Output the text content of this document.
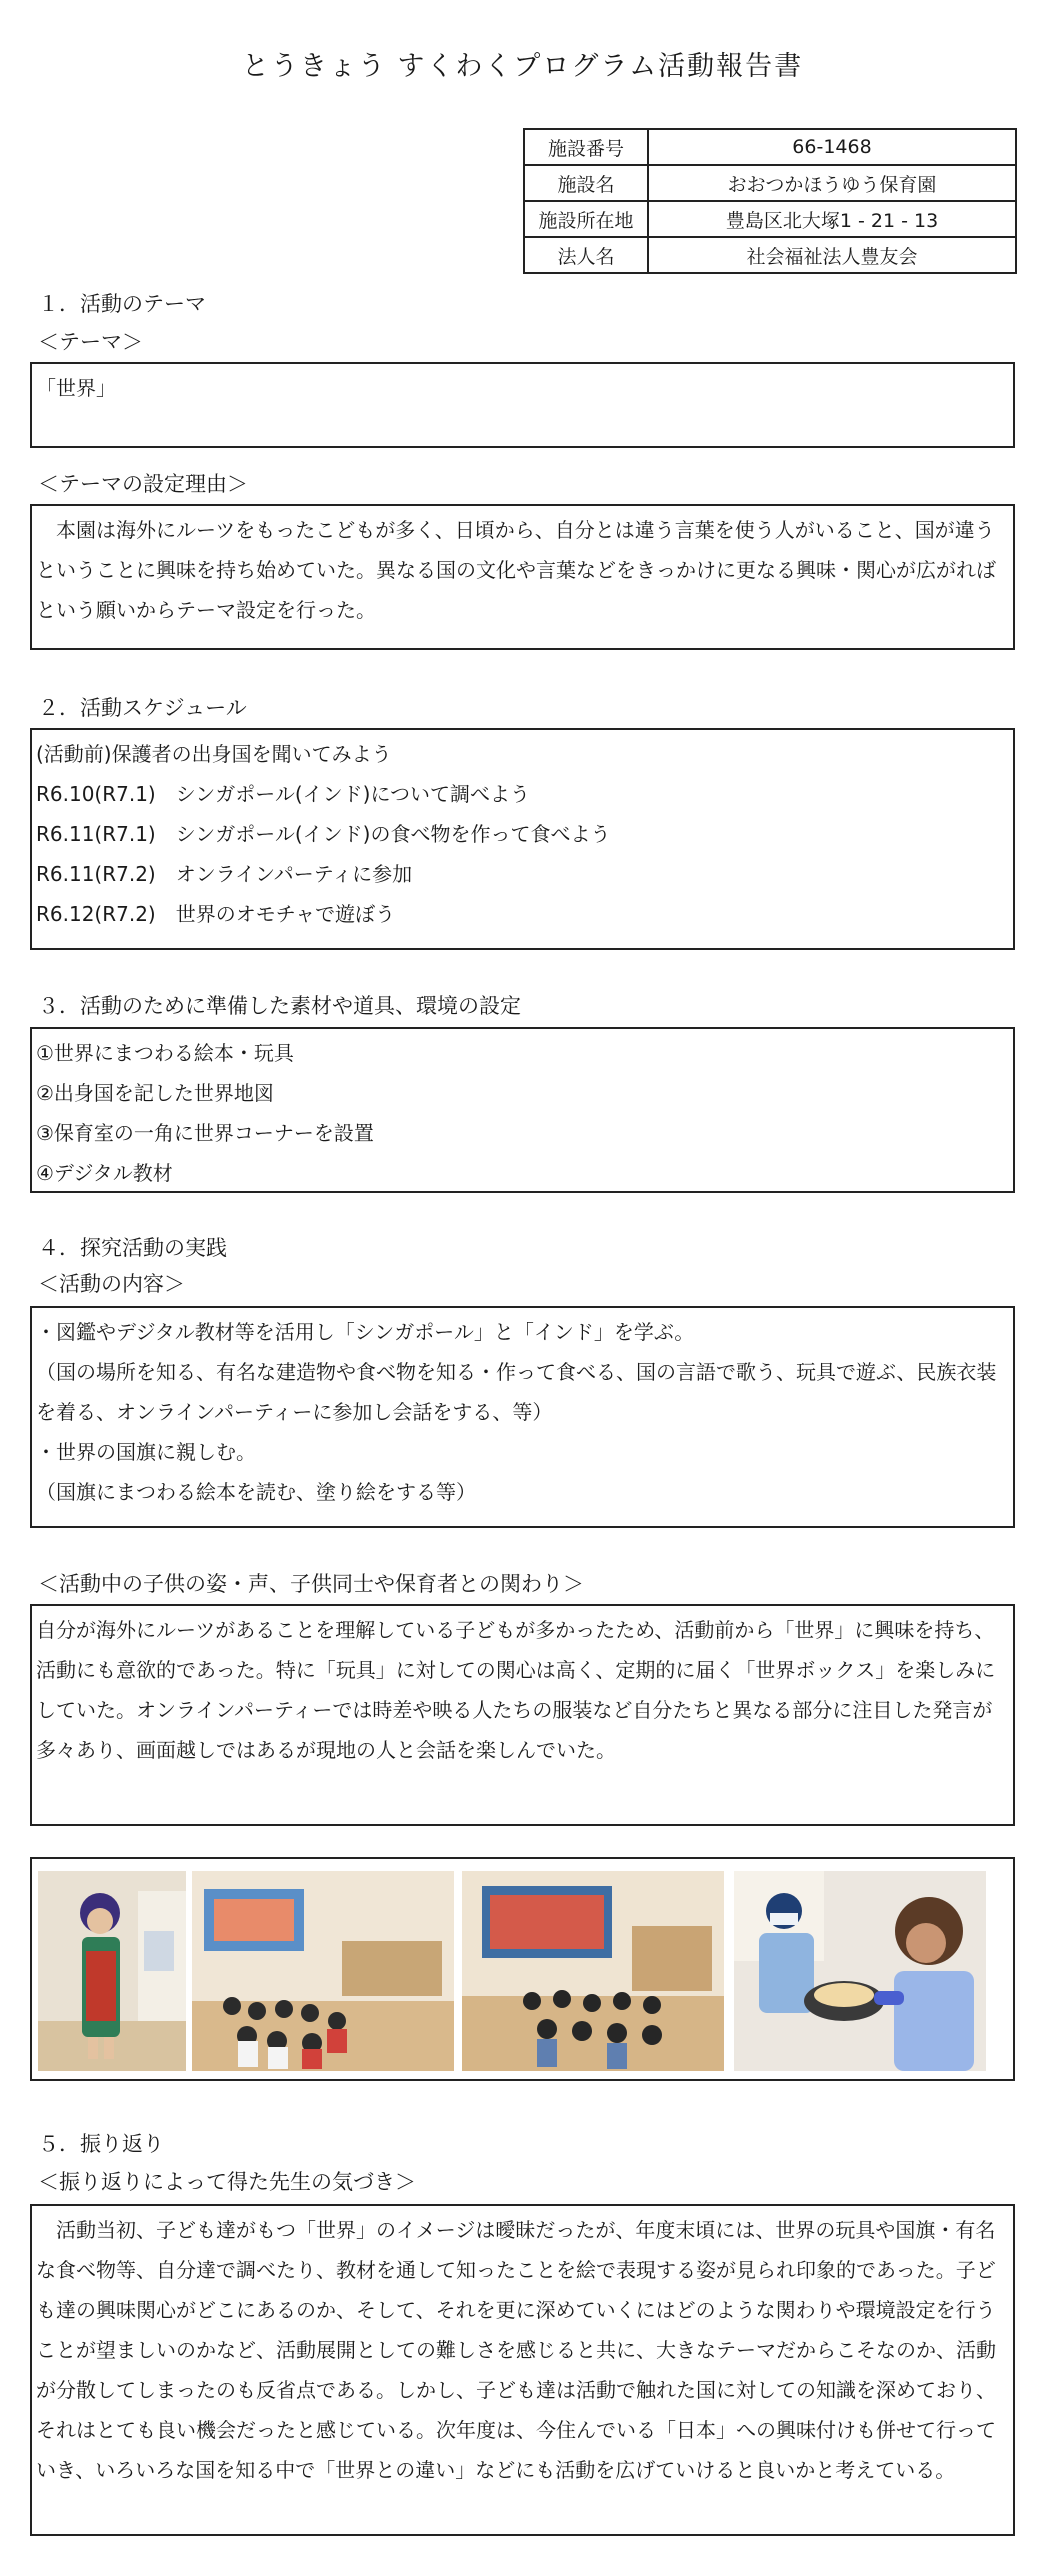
とうきょう すくわくプログラム活動報告書
施設番号	66-1468
施設名	おおつかほうゆう保育園
施設所在地	豊島区北大塚1 - 21 - 13
法人名	社会福祉法人豊友会
１．活動のテーマ
＜テーマ＞

「世界」

＜テーマの設定理由＞

本園は海外にルーツをもったこどもが多く、日頃から、自分とは違う言葉を使う人がいること、国が違うということに興味を持ち始めていた。異なる国の文化や言葉などをきっかけに更なる興味・関心が広がればという願いからテーマ設定を行った。

２．活動スケジュール

(活動前)保護者の出身国を聞いてみよう

R6.10(R7.1)　シンガポール(インド)について調べよう

R6.11(R7.1)　シンガポール(インド)の食べ物を作って食べよう

R6.11(R7.2)　オンラインパーティに参加

R6.12(R7.2)　世界のオモチャで遊ぼう

３．活動のために準備した素材や道具、環境の設定

①世界にまつわる絵本・玩具

②出身国を記した世界地図

③保育室の一角に世界コーナーを設置

④デジタル教材

４．探究活動の実践
＜活動の内容＞

・図鑑やデジタル教材等を活用し「シンガポール」と「インド」を学ぶ。

（国の場所を知る、有名な建造物や食べ物を知る・作って食べる、国の言語で歌う、玩具で遊ぶ、民族衣装を着る、オンラインパーティーに参加し会話をする、等）

・世界の国旗に親しむ。

（国旗にまつわる絵本を読む、塗り絵をする等）

＜活動中の子供の姿・声、子供同士や保育者との関わり＞

自分が海外にルーツがあることを理解している子どもが多かったため、活動前から「世界」に興味を持ち、活動にも意欲的であった。特に「玩具」に対しての関心は高く、定期的に届く「世界ボックス」を楽しみにしていた。オンラインパーティーでは時差や映る人たちの服装など自分たちと異なる部分に注目した発言が多々あり、画面越しではあるが現地の人と会話を楽しんでいた。

５．振り返り
＜振り返りによって得た先生の気づき＞

活動当初、子ども達がもつ「世界」のイメージは曖昧だったが、年度末頃には、世界の玩具や国旗・有名な食べ物等、自分達で調べたり、教材を通して知ったことを絵で表現する姿が見られ印象的であった。子ども達の興味関心がどこにあるのか、そして、それを更に深めていくにはどのような関わりや環境設定を行うことが望ましいのかなど、活動展開としての難しさを感じると共に、大きなテーマだからこそなのか、活動が分散してしまったのも反省点である。しかし、子ども達は活動で触れた国に対しての知識を深めており、それはとても良い機会だったと感じている。次年度は、今住んでいる「日本」への興味付けも併せて行っていき、いろいろな国を知る中で「世界との違い」などにも活動を広げていけると良いかと考えている。
